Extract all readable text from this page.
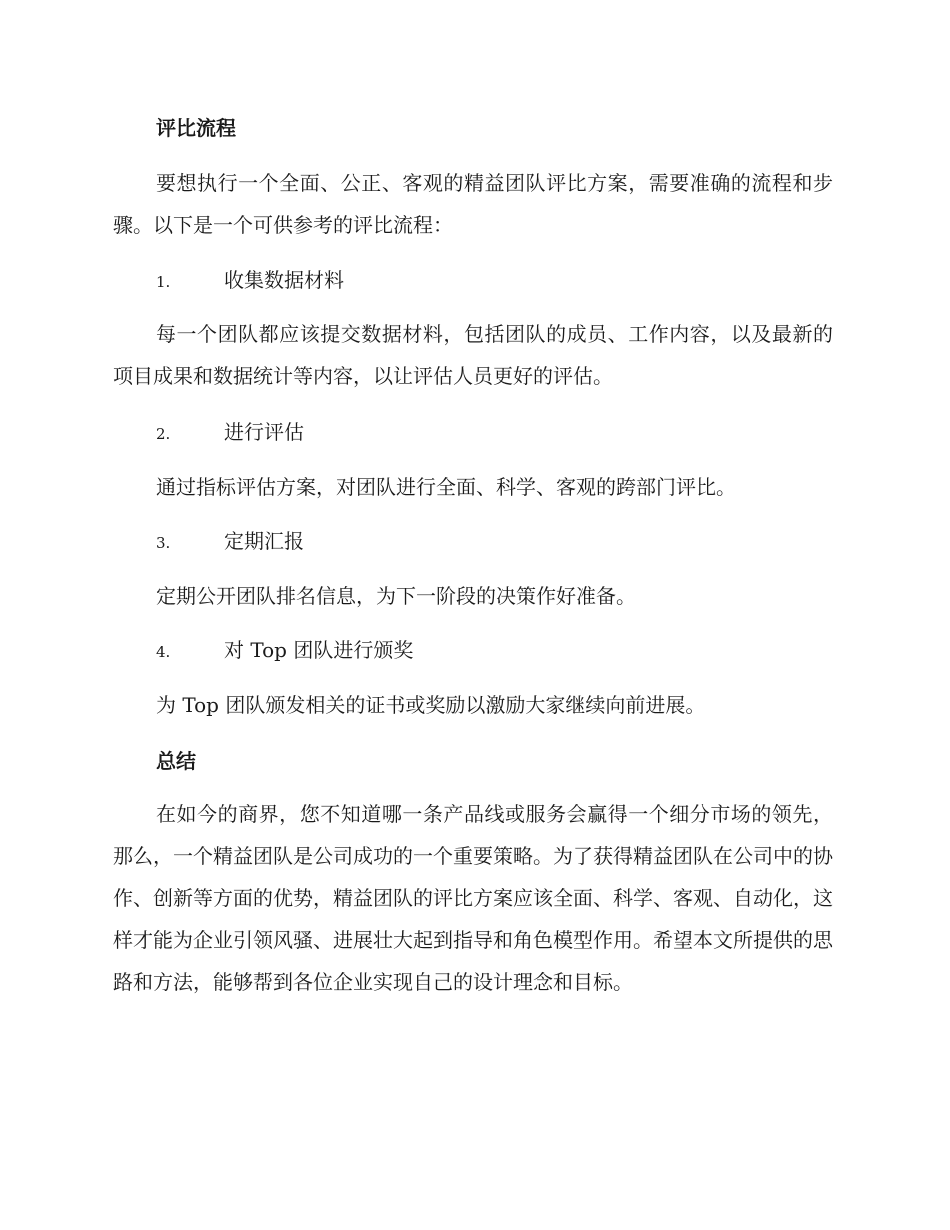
评比流程
要想执行一个全面、公正、客观的精益团队评比方案，需要准确的流程和步骤。以下是一个可供参考的评比流程：
1.	收集数据材料
每一个团队都应该提交数据材料，包括团队的成员、工作内容，以及最新的项目成果和数据统计等内容，以让评估人员更好的评估。
2.	进行评估
通过指标评估方案，对团队进行全面、科学、客观的跨部门评比。
3.	定期汇报
定期公开团队排名信息，为下一阶段的决策作好准备。
4.	对 Top 团队进行颁奖
为 Top 团队颁发相关的证书或奖励以激励大家继续向前进展。
总结
在如今的商界，您不知道哪一条产品线或服务会赢得一个细分市场的领先，那么，一个精益团队是公司成功的一个重要策略。为了获得精益团队在公司中的协作、创新等方面的优势，精益团队的评比方案应该全面、科学、客观、自动化，这样才能为企业引领风骚、进展壮大起到指导和角色模型作用。希望本文所提供的思路和方法，能够帮到各位企业实现自己的设计理念和目标。
